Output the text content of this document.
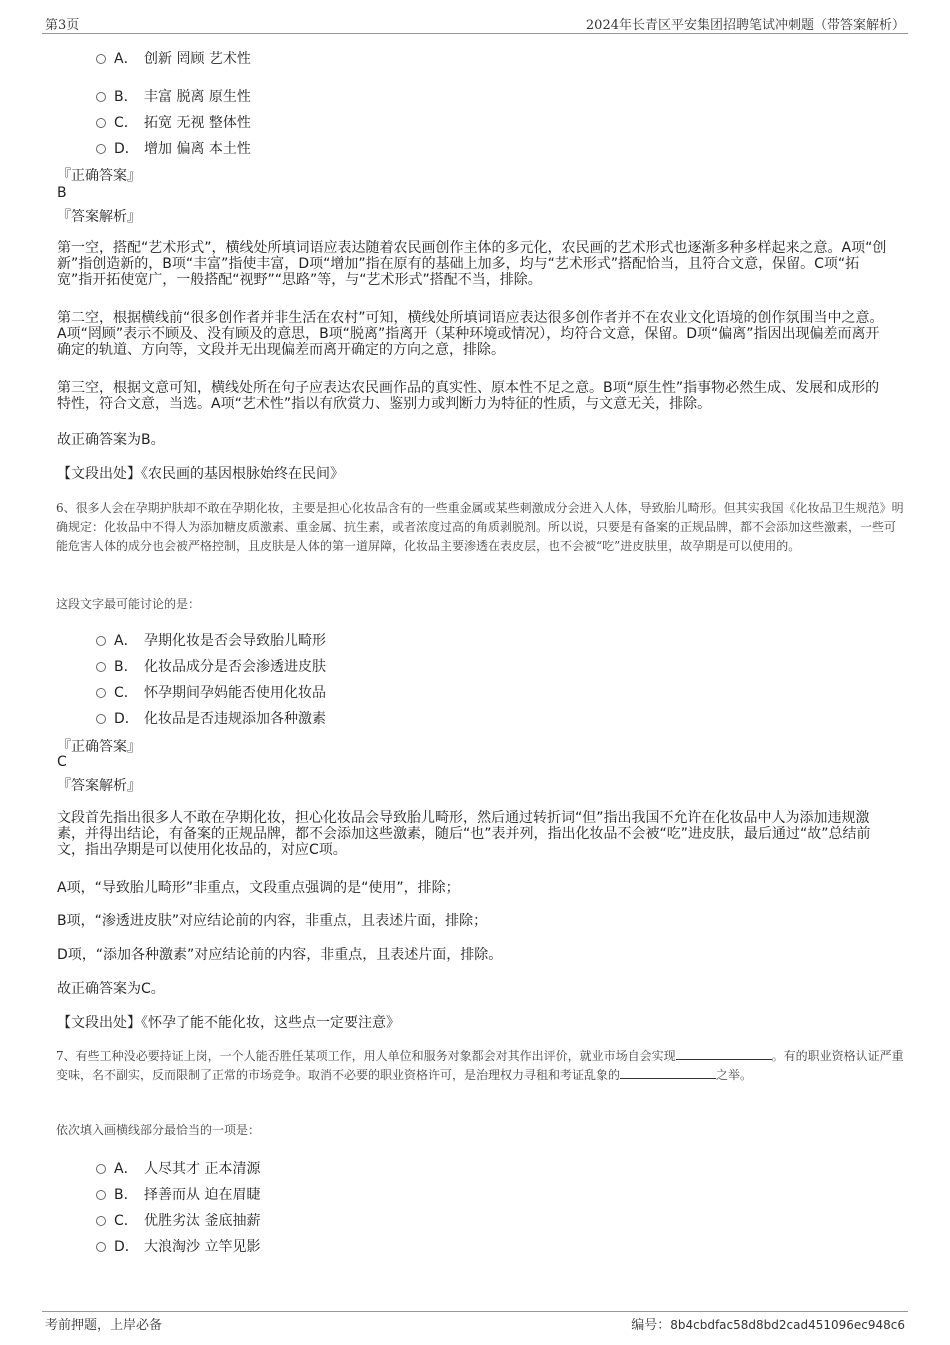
第3页	2024年长青区平安集团招聘笔试冲刺题（带答案解析）
A． 创新 罔顾 艺术性
B． 丰富 脱离 原生性
C． 拓宽 无视 整体性
D． 增加 偏离 本土性
『正确答案』
B
『答案解析』

第一空，搭配“艺术形式”，横线处所填词语应表达随着农民画创作主体的多元化，农民画的艺术形式也逐渐多种多样起来之意。A项“创新”指创造新的，B项“丰富”指使丰富，D项“增加”指在原有的基础上加多，均与“艺术形式”搭配恰当，且符合文意，保留。C项“拓宽”指开拓使宽广，一般搭配“视野”“思路”等，与“艺术形式”搭配不当，排除。

第二空，根据横线前“很多创作者并非生活在农村”可知，横线处所填词语应表达很多创作者并不在农业文化语境的创作氛围当中之意。A项“罔顾”表示不顾及、没有顾及的意思，B项“脱离”指离开（某种环境或情况），均符合文意，保留。D项“偏离”指因出现偏差而离开确定的轨道、方向等，文段并无出现偏差而离开确定的方向之意，排除。

第三空，根据文意可知，横线处所在句子应表达农民画作品的真实性、原本性不足之意。B项“原生性”指事物必然生成、发展和成形的特性，符合文意，当选。A项“艺术性”指以有欣赏力、鉴别力或判断力为特征的性质，与文意无关，排除。

故正确答案为B。

【文段出处】《农民画的基因根脉始终在民间》

6、很多人会在孕期护肤却不敢在孕期化妆，主要是担心化妆品含有的一些重金属或某些刺激成分会进入人体，导致胎儿畸形。但其实我国《化妆品卫生规范》明确规定：化妆品中不得人为添加糖皮质激素、重金属、抗生素，或者浓度过高的角质剥脱剂。所以说，只要是有备案的正规品牌，都不会添加这些激素，一些可能危害人体的成分也会被严格控制，且皮肤是人体的第一道屏障，化妆品主要渗透在表皮层，也不会被“吃”进皮肤里，故孕期是可以使用的。

这段文字最可能讨论的是：

A． 孕期化妆是否会导致胎儿畸形
B． 化妆品成分是否会渗透进皮肤
C． 怀孕期间孕妈能否使用化妆品
D． 化妆品是否违规添加各种激素
『正确答案』
C
『答案解析』

文段首先指出很多人不敢在孕期化妆，担心化妆品会导致胎儿畸形，然后通过转折词“但”指出我国不允许在化妆品中人为添加违规激素，并得出结论，有备案的正规品牌，都不会添加这些激素，随后“也”表并列，指出化妆品不会被“吃”进皮肤，最后通过“故”总结前文，指出孕期是可以使用化妆品的，对应C项。

A项，“导致胎儿畸形”非重点，文段重点强调的是“使用”，排除；

B项，“渗透进皮肤”对应结论前的内容，非重点，且表述片面，排除；

D项，“添加各种激素”对应结论前的内容，非重点，且表述片面，排除。

故正确答案为C。

【文段出处】《怀孕了能不能化妆，这些点一定要注意》

7、有些工种没必要持证上岗，一个人能否胜任某项工作，用人单位和服务对象都会对其作出评价，就业市场自会实现	。有的职业资格认证严重变味，名不副实，反而限制了正常的市场竞争。取消不必要的职业资格许可，是治理权力寻租和考证乱象的	之举。

依次填入画横线部分最恰当的一项是：

A． 人尽其才 正本清源
B． 择善而从 迫在眉睫
C． 优胜劣汰 釜底抽薪
D． 大浪淘沙 立竿见影
考前押题，上岸必备	编号：8b4cbdfac58d8bd2cad451096ec948c6
